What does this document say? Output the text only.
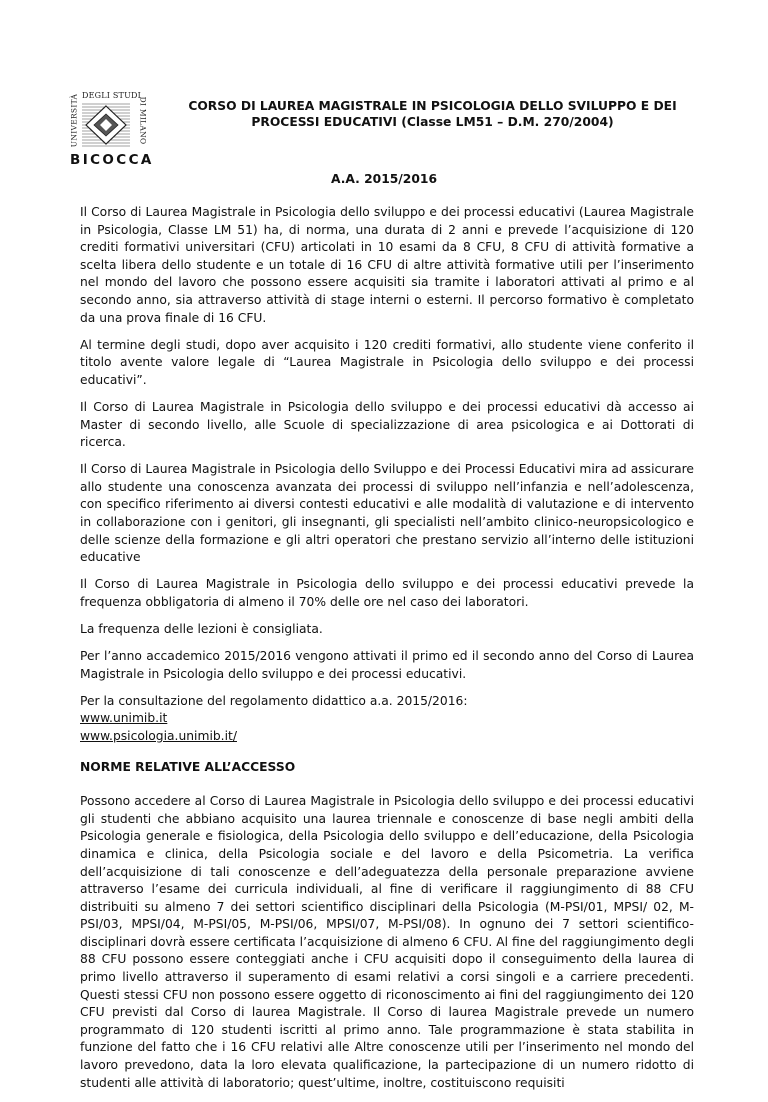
UNIVERSITÀ DEGLI STUDI
DI MILANO
BICOCCA
CORSO DI LAUREA MAGISTRALE IN PSICOLOGIA DELLO SVILUPPO E DEI
PROCESSI EDUCATIVI (Classe LM51 – D.M. 270/2004)
A.A. 2015/2016

Il Corso di Laurea Magistrale in Psicologia dello sviluppo e dei processi educativi (Laurea Magistrale in Psicologia, Classe LM 51) ha, di norma, una durata di 2 anni e prevede l’acquisizione di 120 crediti formativi universitari (CFU) articolati in 10 esami da 8 CFU, 8 CFU di attività formative a scelta libera dello studente e un totale di 16 CFU di altre attività formative utili per l’inserimento nel mondo del lavoro che possono essere acquisiti sia tramite i laboratori attivati al primo e al secondo anno, sia attraverso attività di stage interni o esterni. Il percorso formativo è completato da una prova finale di 16 CFU.

Al termine degli studi, dopo aver acquisito i 120 crediti formativi, allo studente viene conferito il titolo avente valore legale di “Laurea Magistrale in Psicologia dello sviluppo e dei processi educativi”.

Il Corso di Laurea Magistrale in Psicologia dello sviluppo e dei processi educativi dà accesso ai Master di secondo livello, alle Scuole di specializzazione di area psicologica e ai Dottorati di ricerca.

Il Corso di Laurea Magistrale in Psicologia dello Sviluppo e dei Processi Educativi mira ad assicurare allo studente una conoscenza avanzata dei processi di sviluppo nell’infanzia e nell’adolescenza, con specifico riferimento ai diversi contesti educativi e alle modalità di valutazione e di intervento in collaborazione con i genitori, gli insegnanti, gli specialisti nell’ambito clinico-neuropsicologico e delle scienze della formazione e gli altri operatori che prestano servizio all’interno delle istituzioni educative

Il Corso di Laurea Magistrale in Psicologia dello sviluppo e dei processi educativi prevede la frequenza obbligatoria di almeno il 70% delle ore nel caso dei laboratori.

La frequenza delle lezioni è consigliata.

Per l’anno accademico 2015/2016 vengono attivati il primo ed il secondo anno del Corso di Laurea Magistrale in Psicologia dello sviluppo e dei processi educativi.

Per la consultazione del regolamento didattico a.a. 2015/2016:
www.unimib.it
www.psicologia.unimib.it/
NORME RELATIVE ALL’ACCESSO

Possono accedere al Corso di Laurea Magistrale in Psicologia dello sviluppo e dei processi educativi gli studenti che abbiano acquisito una laurea triennale e conoscenze di base negli ambiti della Psicologia generale e fisiologica, della Psicologia dello sviluppo e dell’educazione, della Psicologia dinamica e clinica, della Psicologia sociale e del lavoro e della Psicometria. La verifica dell’acquisizione di tali conoscenze e dell’adeguatezza della personale preparazione avviene attraverso l’esame dei curricula individuali, al fine di verificare il raggiungimento di 88 CFU distribuiti su almeno 7 dei settori scientifico disciplinari della Psicologia (M-PSI/01, MPSI/ 02, M-PSI/03, MPSI/04, M-PSI/05, M-PSI/06, MPSI/07, M-PSI/08). In ognuno dei 7 settori scientifico-disciplinari dovrà essere certificata l’acquisizione di almeno 6 CFU. Al fine del raggiungimento degli 88 CFU possono essere conteggiati anche i CFU acquisiti dopo il conseguimento della laurea di primo livello attraverso il superamento di esami relativi a corsi singoli e a carriere precedenti. Questi stessi CFU non possono essere oggetto di riconoscimento ai fini del raggiungimento dei 120 CFU previsti dal Corso di laurea Magistrale. Il Corso di laurea Magistrale prevede un numero programmato di 120 studenti iscritti al primo anno. Tale programmazione è stata stabilita in funzione del fatto che i 16 CFU relativi alle Altre conoscenze utili per l’inserimento nel mondo del lavoro prevedono, data la loro elevata qualificazione, la partecipazione di un numero ridotto di studenti alle attività di laboratorio; quest’ultime, inoltre, costituiscono requisiti
